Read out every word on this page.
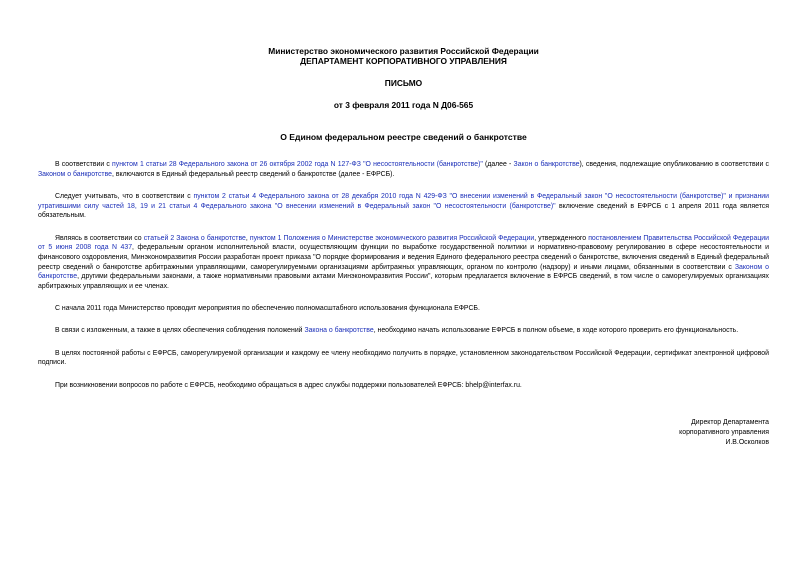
Министерство экономического развития Российской Федерации
ДЕПАРТАМЕНТ КОРПОРАТИВНОГО УПРАВЛЕНИЯ
ПИСЬМО
от 3 февраля 2011 года N Д06-565
О Едином федеральном реестре сведений о банкротстве

В соответствии с пунктом 1 статьи 28 Федерального закона от 26 октября 2002 года N 127-ФЗ "О несостоятельности (банкротстве)" (далее - Закон о банкротстве), сведения, подлежащие опубликованию в соответствии с Законом о банкротстве, включаются в Единый федеральный реестр сведений о банкротстве (далее - ЕФРСБ).

Следует учитывать, что в соответствии с пунктом 2 статьи 4 Федерального закона от 28 декабря 2010 года N 429-ФЗ "О внесении изменений в Федеральный закон "О несостоятельности (банкротстве)" и признании утратившими силу частей 18, 19 и 21 статьи 4 Федерального закона "О внесении изменений в Федеральный закон "О несостоятельности (банкротстве)" включение сведений в ЕФРСБ с 1 апреля 2011 года является обязательным.

Являясь в соответствии со статьей 2 Закона о банкротстве, пунктом 1 Положения о Министерстве экономического развития Российской Федерации, утвержденного постановлением Правительства Российской Федерации от 5 июня 2008 года N 437, федеральным органом исполнительной власти, осуществляющим функции по выработке государственной политики и нормативно-правовому регулированию в сфере несостоятельности и финансового оздоровления, Минэкономразвития России разработан проект приказа "О порядке формирования и ведения Единого федерального реестра сведений о банкротстве, включения сведений в Единый федеральный реестр сведений о банкротстве арбитражными управляющими, саморегулируемыми организациями арбитражных управляющих, органом по контролю (надзору) и иными лицами, обязанными в соответствии с Законом о банкротстве, другими федеральными законами, а также нормативными правовыми актами Минэкономразвития России", которым предлагается включение в ЕФРСБ сведений, в том числе о саморегулируемых организациях арбитражных управляющих и ее членах.

С начала 2011 года Министерство проводит мероприятия по обеспечению полномасштабного использования функционала ЕФРСБ.

В связи с изложенным, а также в целях обеспечения соблюдения положений Закона о банкротстве, необходимо начать использование ЕФРСБ в полном объеме, в ходе которого проверить его функциональность.

В целях постоянной работы с ЕФРСБ, саморегулируемой организации и каждому ее члену необходимо получить в порядке, установленном законодательством Российской Федерации, сертификат электронной цифровой подписи.

При возникновении вопросов по работе с ЕФРСБ, необходимо обращаться в адрес службы поддержки пользователей ЕФРСБ: bhelp@interfax.ru.

Директор Департамента
корпоративного управления
И.В.Осколков
